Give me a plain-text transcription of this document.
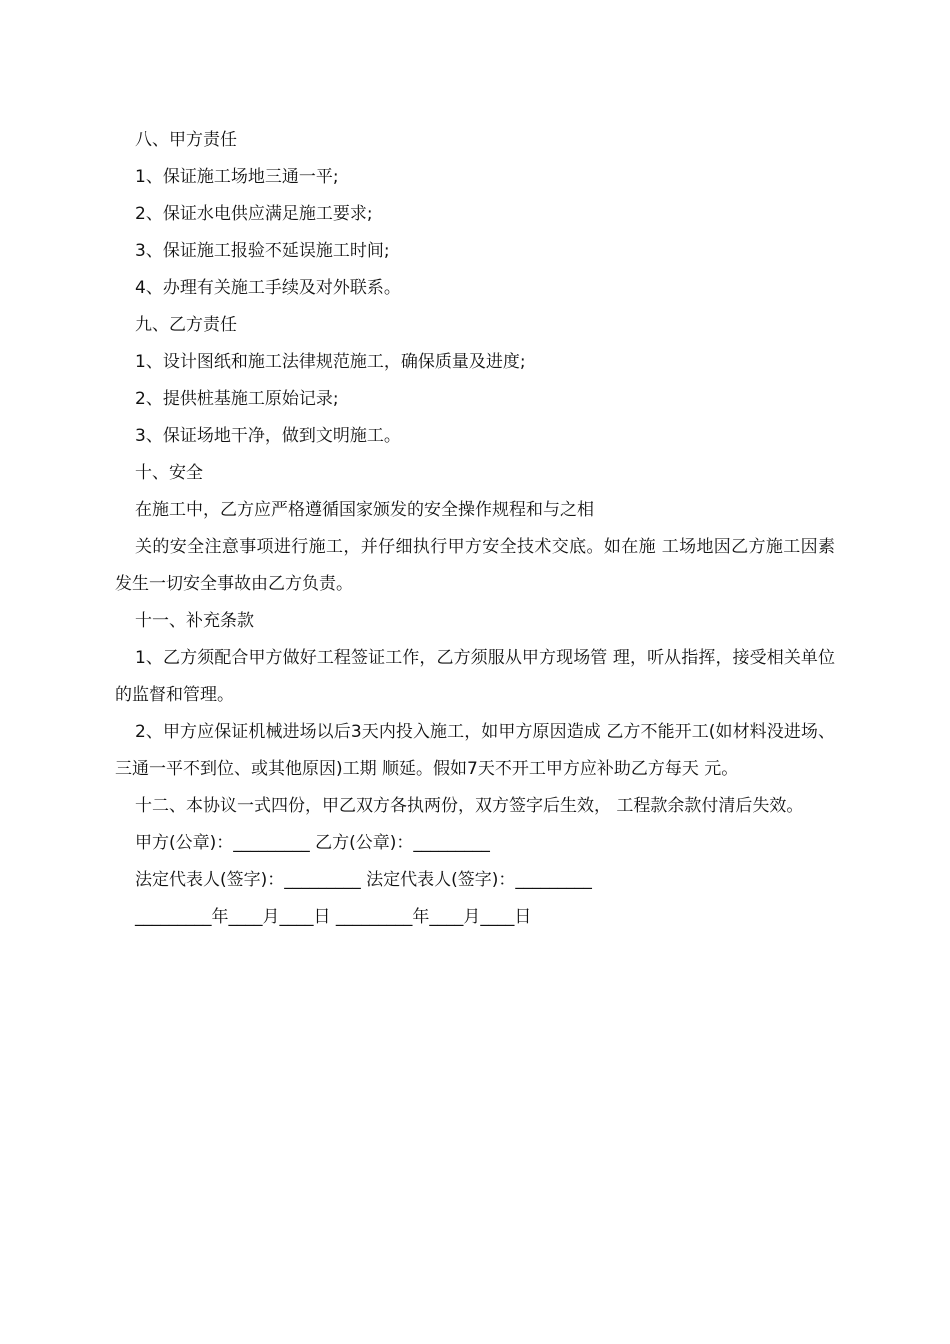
八、甲方责任

1、保证施工场地三通一平;

2、保证水电供应满足施工要求;

3、保证施工报验不延误施工时间;

4、办理有关施工手续及对外联系。

九、乙方责任

1、设计图纸和施工法律规范施工，确保质量及进度;

2、提供桩基施工原始记录;

3、保证场地干净，做到文明施工。

十、安全

在施工中，乙方应严格遵循国家颁发的安全操作规程和与之相

关的安全注意事项进行施工，并仔细执行甲方安全技术交底。如在施 工场地因乙方施工因素发生一切安全事故由乙方负责。

十一、补充条款

1、乙方须配合甲方做好工程签证工作，乙方须服从甲方现场管 理，听从指挥，接受相关单位的监督和管理。

2、甲方应保证机械进场以后3天内投入施工，如甲方原因造成 乙方不能开工(如材料没进场、三通一平不到位、或其他原因)工期 顺延。假如7天不开工甲方应补助乙方每天 元。

十二、本协议一式四份，甲乙双方各执两份，双方签字后生效， 工程款余款付清后失效。

甲方(公章)：_________ 乙方(公章)：_________

法定代表人(签字)：_________ 法定代表人(签字)：_________

_________年____月____日 _________年____月____日
